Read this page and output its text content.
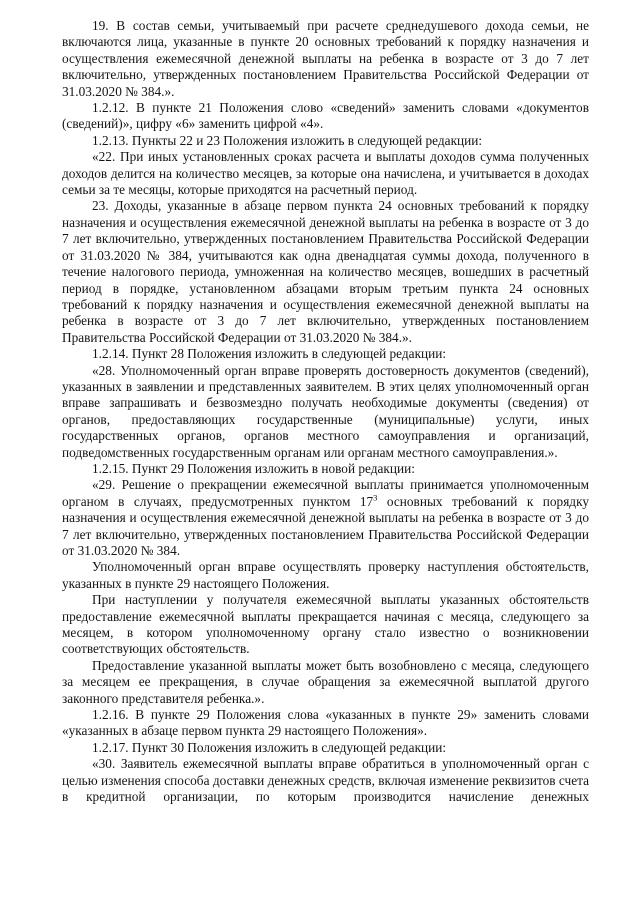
19. В состав семьи, учитываемый при расчете среднедушевого дохода семьи, не включаются лица, указанные в пункте 20 основных требований к порядку назначения и осуществления ежемесячной денежной выплаты на ребенка в возрасте от 3 до 7 лет включительно, утвержденных постановлением Правительства Российской Федерации от 31.03.2020 № 384.».

1.2.12. В пункте 21 Положения слово «сведений» заменить словами «документов (сведений)», цифру «6» заменить цифрой «4».

1.2.13. Пункты 22 и 23 Положения изложить в следующей редакции:

«22. При иных установленных сроках расчета и выплаты доходов сумма полученных доходов делится на количество месяцев, за которые она начислена, и учитывается в доходах семьи за те месяцы, которые приходятся на расчетный период.

23. Доходы, указанные в абзаце первом пункта 24 основных требований к порядку назначения и осуществления ежемесячной денежной выплаты на ребенка в возрасте от 3 до 7 лет включительно, утвержденных постановлением Правительства Российской Федерации от 31.03.2020 № 384, учитываются как одна двенадцатая суммы дохода, полученного в течение налогового периода, умноженная на количество месяцев, вошедших в расчетный период в порядке, установленном абзацами вторым третьим пункта 24 основных требований к порядку назначения и осуществления ежемесячной денежной выплаты на ребенка в возрасте от 3 до 7 лет включительно, утвержденных постановлением Правительства Российской Федерации от 31.03.2020 № 384.».

1.2.14. Пункт 28 Положения изложить в следующей редакции:

«28. Уполномоченный орган вправе проверять достоверность документов (сведений), указанных в заявлении и представленных заявителем. В этих целях уполномоченный орган вправе запрашивать и безвозмездно получать необходимые документы (сведения) от органов, предоставляющих государственные (муниципальные) услуги, иных государственных органов, органов местного самоуправления и организаций, подведомственных государственным органам или органам местного самоуправления.».

1.2.15. Пункт 29 Положения изложить в новой редакции:

«29. Решение о прекращении ежемесячной выплаты принимается уполномоченным органом в случаях, предусмотренных пунктом $17^3$ основных требований к порядку назначения и осуществления ежемесячной денежной выплаты на ребенка в возрасте от 3 до 7 лет включительно, утвержденных постановлением Правительства Российской Федерации от 31.03.2020 № 384.

Уполномоченный орган вправе осуществлять проверку наступления обстоятельств, указанных в пункте 29 настоящего Положения.

При наступлении у получателя ежемесячной выплаты указанных обстоятельств предоставление ежемесячной выплаты прекращается начиная с месяца, следующего за месяцем, в котором уполномоченному органу стало известно о возникновении соответствующих обстоятельств.

Предоставление указанной выплаты может быть возобновлено с месяца, следующего за месяцем ее прекращения, в случае обращения за ежемесячной выплатой другого законного представителя ребенка.».

1.2.16. В пункте 29 Положения слова «указанных в пункте 29» заменить словами «указанных в абзаце первом пункта 29 настоящего Положения».

1.2.17. Пункт 30 Положения изложить в следующей редакции:

«30. Заявитель ежемесячной выплаты вправе обратиться в уполномоченный орган с целью изменения способа доставки денежных средств, включая изменение реквизитов счета в кредитной организации, по которым производится начисление денежных
